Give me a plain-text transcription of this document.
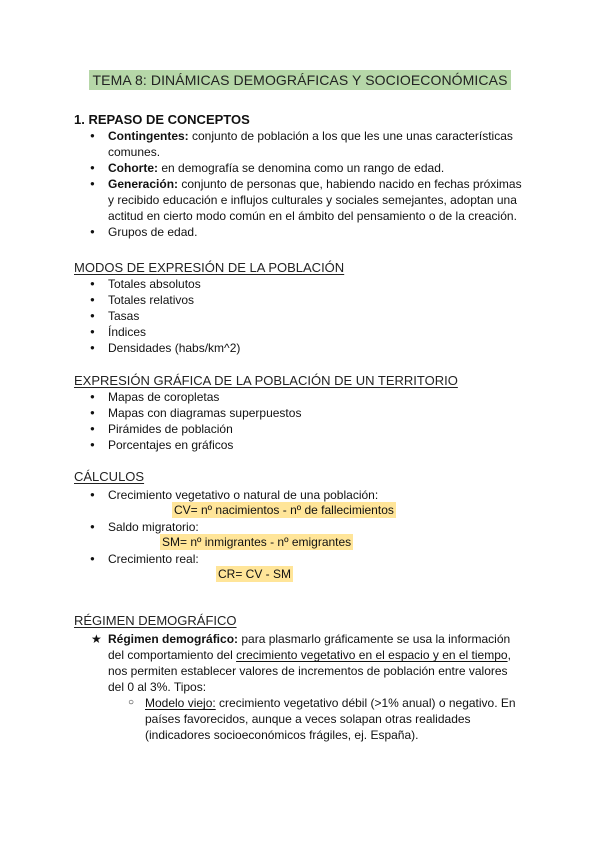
TEMA 8: DINÁMICAS DEMOGRÁFICAS Y SOCIOECONÓMICAS
1. REPASO DE CONCEPTOS
● Contingentes: conjunto de población a los que les une unas características comunes.
● Cohorte: en demografía se denomina como un rango de edad.
● Generación: conjunto de personas que, habiendo nacido en fechas próximas y recibido educación e influjos culturales y sociales semejantes, adoptan una actitud en cierto modo común en el ámbito del pensamiento o de la creación.
● Grupos de edad.
MODOS DE EXPRESIÓN DE LA POBLACIÓN
● Totales absolutos
● Totales relativos
● Tasas
● Índices
● Densidades (habs/km^2)
EXPRESIÓN GRÁFICA DE LA POBLACIÓN DE UN TERRITORIO
● Mapas de coropletas
● Mapas con diagramas superpuestos
● Pirámides de población
● Porcentajes en gráficos
CÁLCULOS
● Crecimiento vegetativo o natural de una población:
CV= nº nacimientos - nº de fallecimientos
● Saldo migratorio:
SM= nº inmigrantes - nº emigrantes
● Crecimiento real:
CR= CV - SM
RÉGIMEN DEMOGRÁFICO
★ Régimen demográfico: para plasmarlo gráficamente se usa la información del comportamiento del crecimiento vegetativo en el espacio y en el tiempo, nos permiten establecer valores de incrementos de población entre valores del 0 al 3%. Tipos:
○ Modelo viejo: crecimiento vegetativo débil (>1% anual) o negativo. En países favorecidos, aunque a veces solapan otras realidades (indicadores socioeconómicos frágiles, ej. España).
